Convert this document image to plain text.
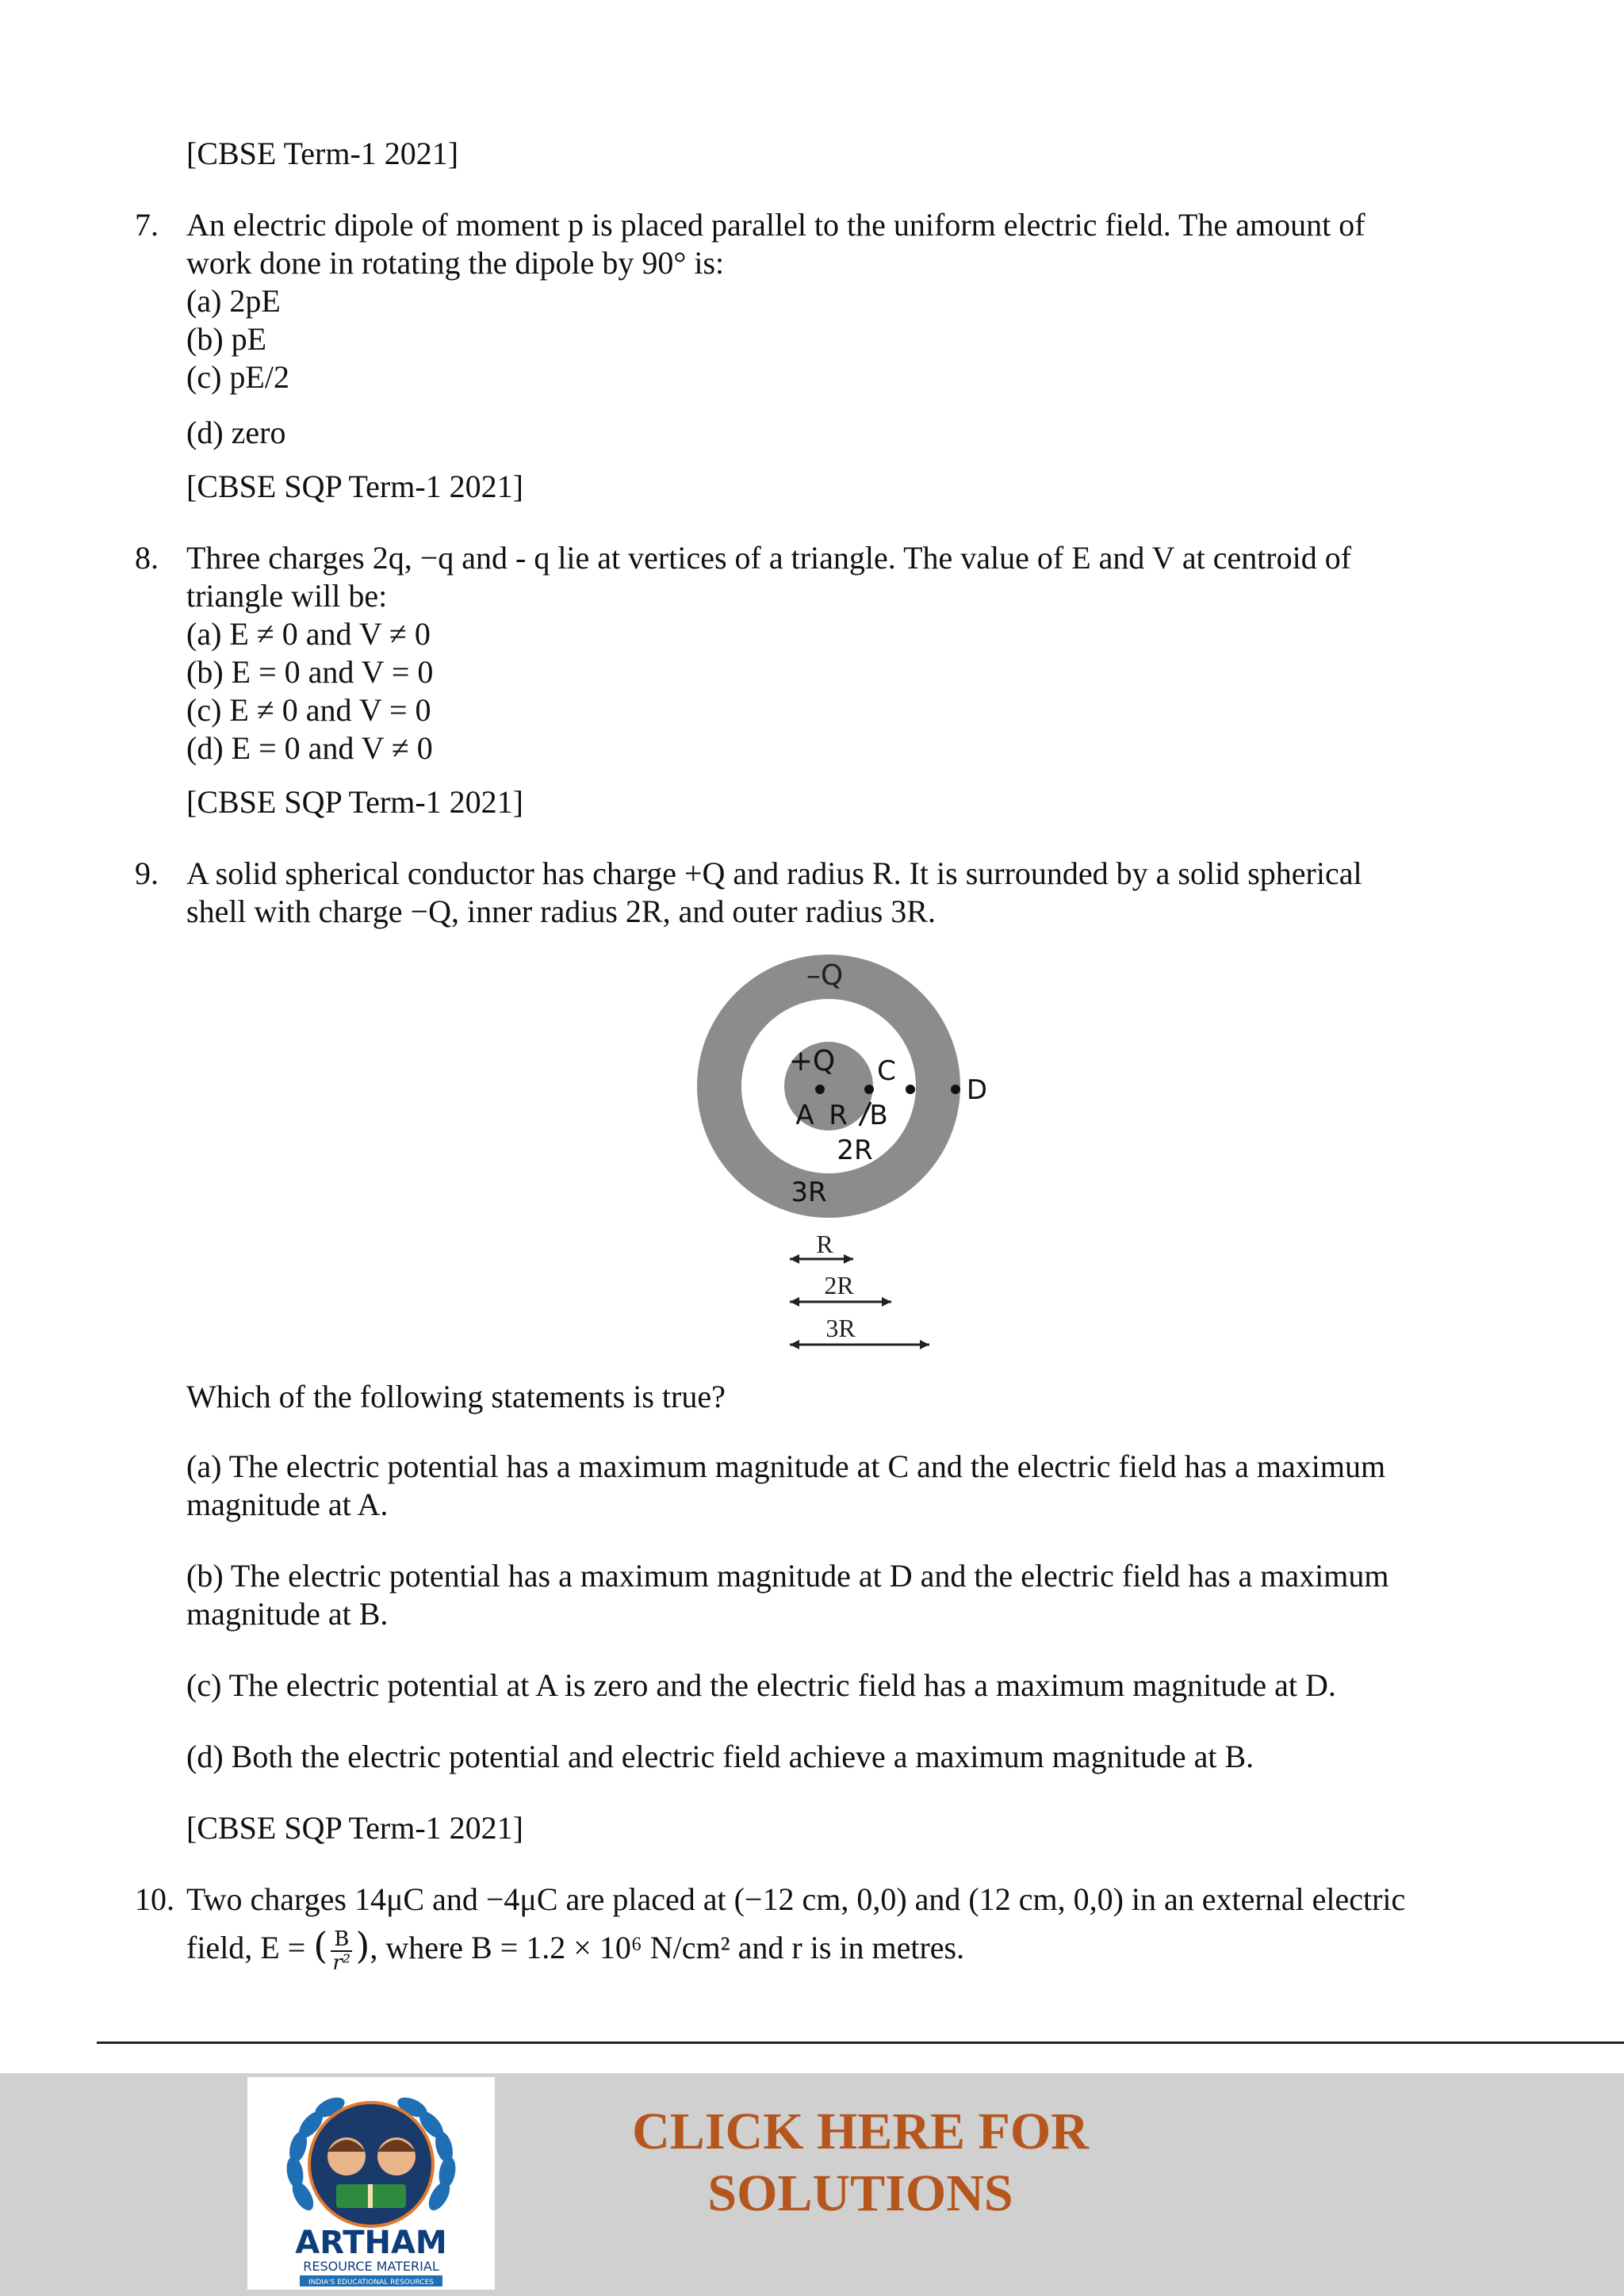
[CBSE Term-1 2021]
7. An electric dipole of moment p is placed parallel to the uniform electric field. The amount of
work done in rotating the dipole by 90° is:
(a) 2pE
(b) pE
(c) pE/2
(d) zero
[CBSE SQP Term-1 2021]
8. Three charges 2q, −q and - q lie at vertices of a triangle. The value of E and V at centroid of
triangle will be:
(a) E ≠ 0 and V ≠ 0
(b) E = 0 and V = 0
(c) E ≠ 0 and V = 0
(d) E = 0 and V ≠ 0
[CBSE SQP Term-1 2021]
9. A solid spherical conductor has charge +Q and radius R. It is surrounded by a solid spherical
shell with charge −Q, inner radius 2R, and outer radius 3R.
–Q
+Q
A R B
C
D
2R
3R
R
2R
3R
Which of the following statements is true?
(a) The electric potential has a maximum magnitude at C and the electric field has a maximum
magnitude at A.
(b) The electric potential has a maximum magnitude at D and the electric field has a maximum
magnitude at B.
(c) The electric potential at A is zero and the electric field has a maximum magnitude at D.
(d) Both the electric potential and electric field achieve a maximum magnitude at B.
[CBSE SQP Term-1 2021]
10. Two charges 14μC and −4μC are placed at (−12 cm, 0,0) and (12 cm, 0,0) in an external electric
field, E = ( $\frac{B}{\text{r²}}$ ), where B = 1.2 × 10⁶ N/cm² and r is in metres.
ARTHAM
RESOURCE MATERIAL
INDIA'S EDUCATIONAL RESOURCES
CLICK HERE FOR
SOLUTIONS
